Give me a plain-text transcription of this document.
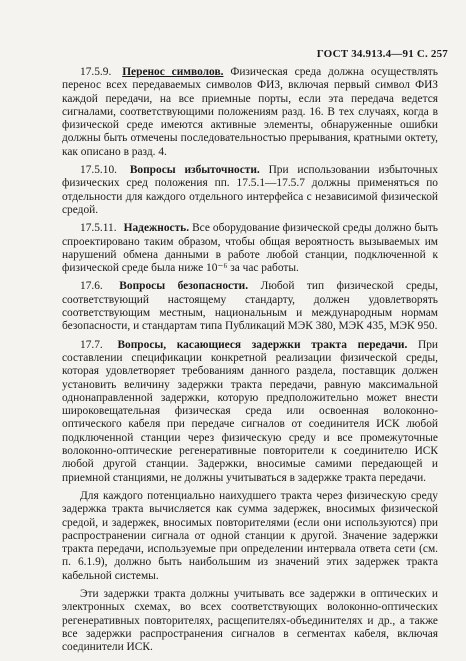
ГОСТ 34.913.4—91 С. 257

17.5.9. Перенос символов. Физическая среда должна осуществлять перенос всех передаваемых символов ФИЗ, включая первый символ ФИЗ каждой передачи, на все приемные порты, если эта передача ведется сигналами, соответствующими положениям разд. 16. В тех случаях, когда в физической среде имеются активные элементы, обнаруженные ошибки должны быть отмечены последовательностью прерывания, кратными октету, как описано в разд. 4.

17.5.10. Вопросы избыточности. При использовании избыточных физических сред положения пп. 17.5.1—17.5.7 должны применяться по отдельности для каждого отдельного интерфейса с независимой физической средой.

17.5.11. Надежность. Все оборудование физической среды должно быть спроектировано таким образом, чтобы общая вероятность вызываемых им нарушений обмена данными в работе любой станции, подключенной к физической среде была ниже 10⁻⁶ за час работы.

17.6. Вопросы безопасности. Любой тип физической среды, соответствующий настоящему стандарту, должен удовлетворять соответствующим местным, национальным и международным нормам безопасности, и стандартам типа Публикаций МЭК 380, МЭК 435, МЭК 950.

17.7. Вопросы, касающиеся задержки тракта передачи. При составлении спецификации конкретной реализации физической среды, которая удовлетворяет требованиям данного раздела, поставщик должен установить величину задержки тракта передачи, равную максимальной однонаправленной задержки, которую предположительно может внести широковещательная физическая среда или освоенная волоконно-оптического кабеля при передаче сигналов от соединителя ИСК любой подключенной станции через физическую среду и все промежуточные волоконно-оптические регенеративные повторители к соединителю ИСК любой другой станции. Задержки, вносимые самими передающей и приемной станциями, не должны учитываться в задержке тракта передачи.

Для каждого потенциально наихудшего тракта через физическую среду задержка тракта вычисляется как сумма задержек, вносимых физической средой, и задержек, вносимых повторителями (если они используются) при распространении сигнала от одной станции к другой. Значение задержки тракта передачи, используемые при определении интервала ответа сети (см. п. 6.1.9), должно быть наибольшим из значений этих задержек тракта кабельной системы.

Эти задержки тракта должны учитывать все задержки в оптических и электронных схемах, во всех соответствующих волоконно-оптических регенеративных повторителях, расщепителях-объединителях и др., а также все задержки распространения сигналов в сегментах кабеля, включая соединители ИСК.
